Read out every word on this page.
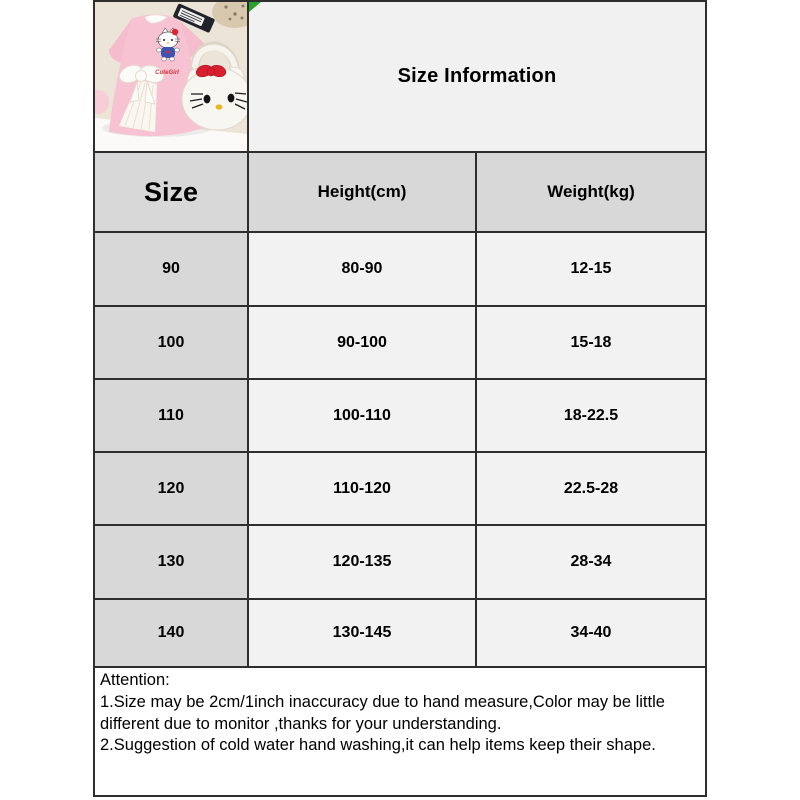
CuteGirl	Size Information
Size	Height(cm)	Weight(kg)
90	80-90	12-15
100	90-100	15-18
110	100-110	18-22.5
120	110-120	22.5-28
130	120-135	28-34
140	130-145	34-40
Attention:
1.Size may be 2cm/1inch inaccuracy due to hand measure,Color may be little different due to monitor ,thanks for your understanding.
2.Suggestion of cold water hand washing,it can help items keep their shape.
